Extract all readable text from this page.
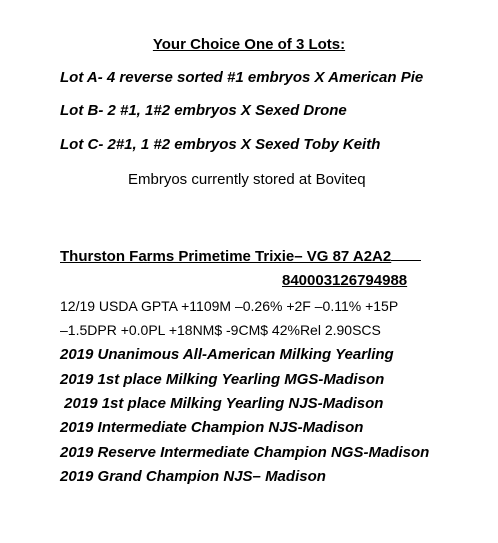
Your Choice One of 3 Lots:
Lot A- 4 reverse sorted #1 embryos X American Pie
Lot B- 2 #1, 1#2 embryos X Sexed Drone
Lot C- 2#1, 1 #2 embryos X Sexed Toby Keith
Embryos currently stored at Boviteq
Thurston Farms Primetime Trixie– VG 87 A2A2
840003126794988
12/19 USDA GPTA +1109M –0.26% +2F –0.11% +15P
–1.5DPR +0.0PL +18NM$ -9CM$ 42%Rel 2.90SCS
2019 Unanimous All-American Milking Yearling
2019 1st place Milking Yearling MGS-Madison
2019 1st place Milking Yearling NJS-Madison
2019 Intermediate Champion NJS-Madison
2019 Reserve Intermediate Champion NGS-Madison
2019 Grand Champion NJS– Madison
